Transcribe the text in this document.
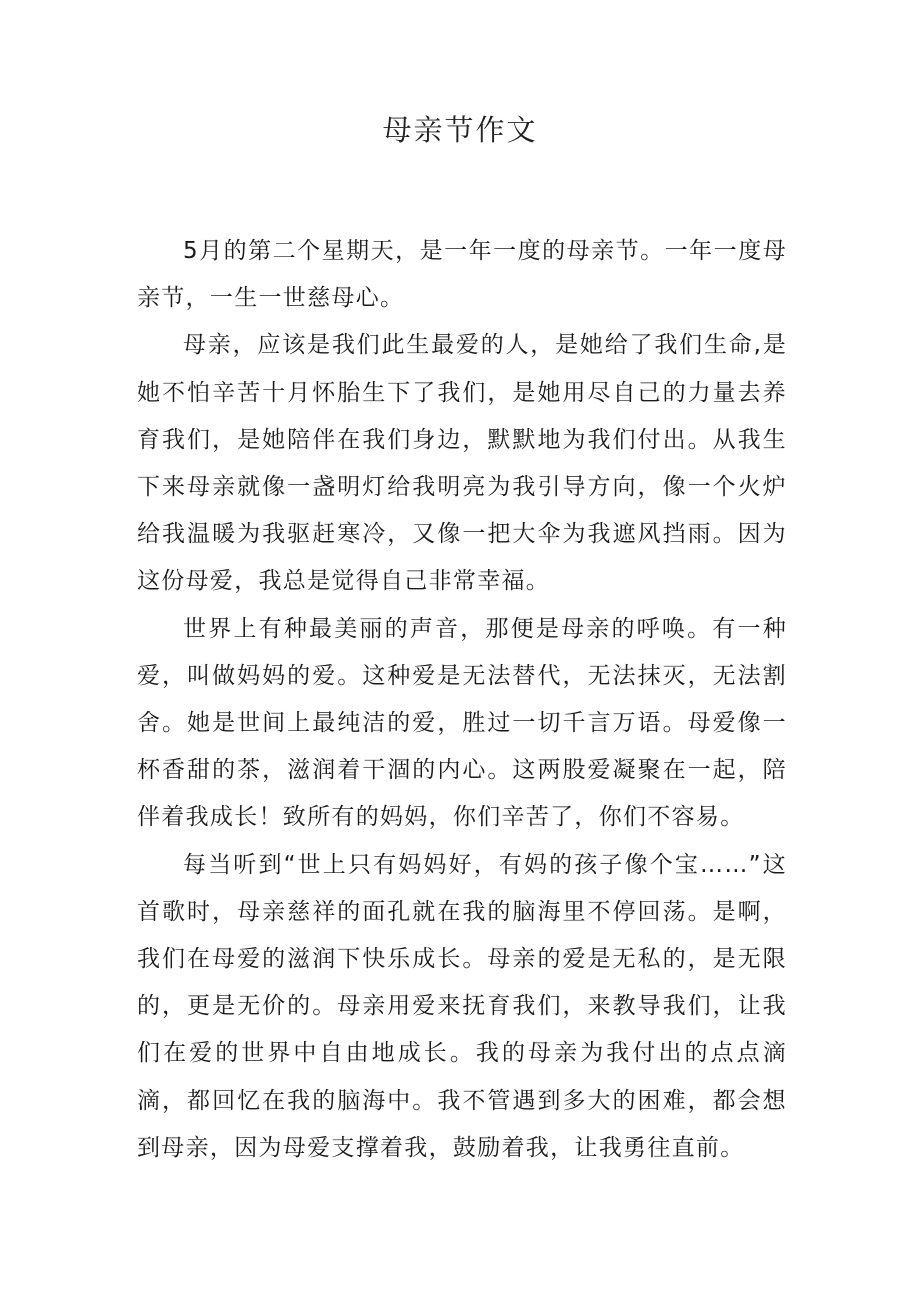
母亲节作文

5月的第二个星期天，是一年一度的母亲节。一年一度母亲节，一生一世慈母心。

母亲，应该是我们此生最爱的人，是她给了我们生命,是她不怕辛苦十月怀胎生下了我们，是她用尽自己的力量去养育我们，是她陪伴在我们身边，默默地为我们付出。从我生下来母亲就像一盏明灯给我明亮为我引导方向，像一个火炉给我温暖为我驱赶寒冷，又像一把大伞为我遮风挡雨。因为这份母爱，我总是觉得自己非常幸福。

世界上有种最美丽的声音，那便是母亲的呼唤。有一种爱，叫做妈妈的爱。这种爱是无法替代，无法抹灭，无法割舍。她是世间上最纯洁的爱，胜过一切千言万语。母爱像一杯香甜的茶，滋润着干涸的内心。这两股爱凝聚在一起，陪伴着我成长！致所有的妈妈，你们辛苦了，你们不容易。

每当听到“世上只有妈妈好，有妈的孩子像个宝……”这首歌时，母亲慈祥的面孔就在我的脑海里不停回荡。是啊，我们在母爱的滋润下快乐成长。母亲的爱是无私的，是无限的，更是无价的。母亲用爱来抚育我们，来教导我们，让我们在爱的世界中自由地成长。我的母亲为我付出的点点滴滴，都回忆在我的脑海中。我不管遇到多大的困难，都会想到母亲，因为母爱支撑着我，鼓励着我，让我勇往直前。
